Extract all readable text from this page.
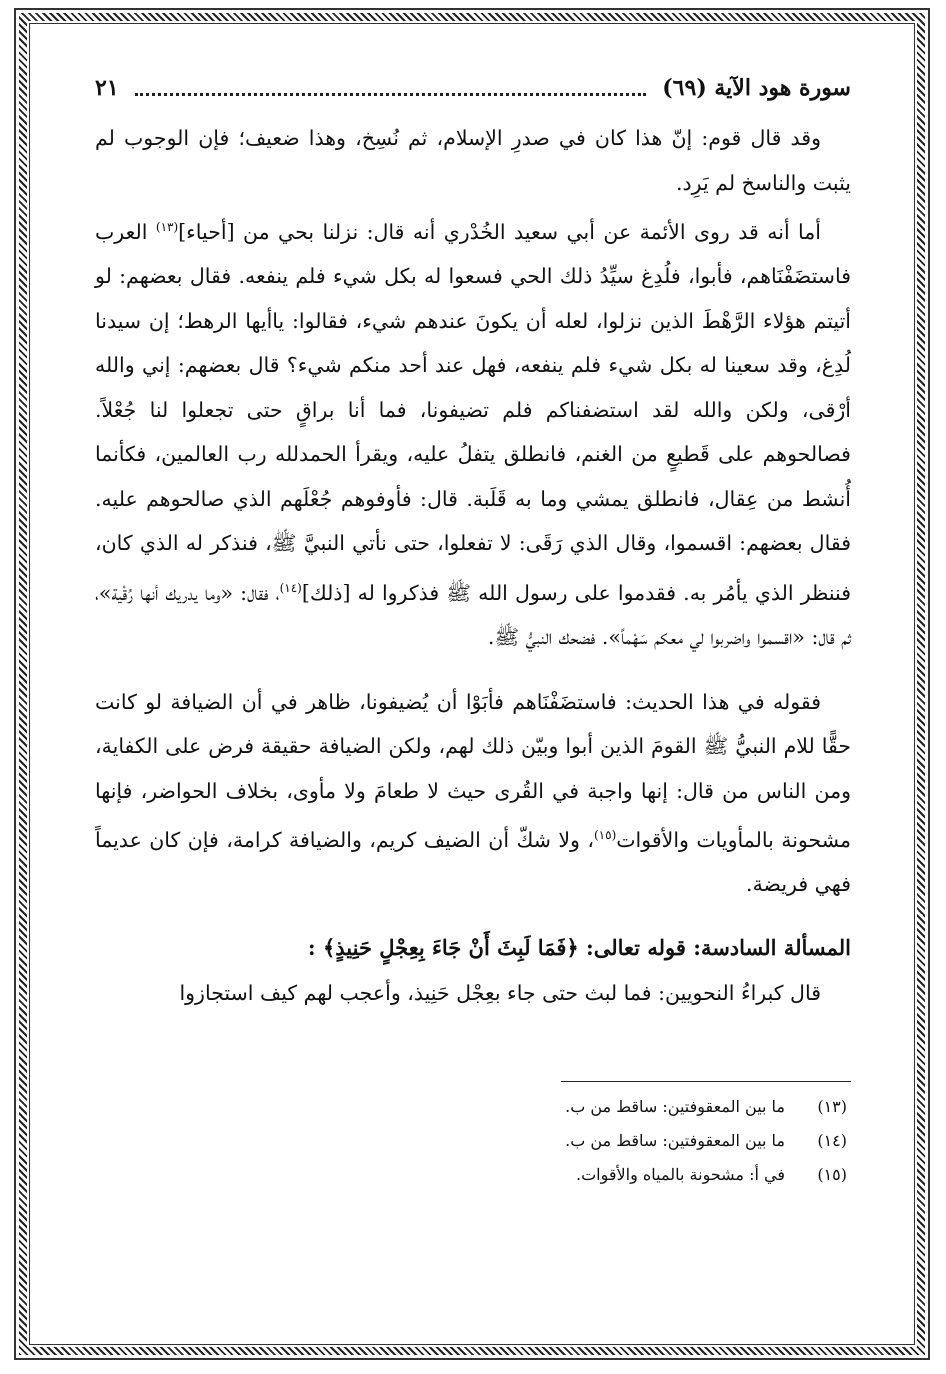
سورة هود الآية (٦٩)
٢١

وقد قال قوم: إنّ هذا كان في صدرِ الإسلام، ثم نُسِخ، وهذا ضعيف؛ فإن الوجوب لم يثبت والناسخ لم يَرِد.

أما أنه قد روى الأئمة عن أبي سعيد الخُدْري أنه قال: نزلنا بحي من [أحياء]$^{(١٣)}$ العرب فاستضَفْنَاهم، فأبوا، فلُدِغ سيِّدُ ذلك الحي فسعوا له بكل شيء فلم ينفعه. فقال بعضهم: لو أتيتم هؤلاء الرَّهْطَ الذين نزلوا، لعله أن يكونَ عندهم شيء، فقالوا: ياأيها الرهط؛ إن سيدنا لُدِغ، وقد سعينا له بكل شيء فلم ينفعه، فهل عند أحد منكم شيء؟ قال بعضهم: إني والله أرْقى، ولكن والله لقد استضفناكم فلم تضيفونا، فما أنا براقٍ حتى تجعلوا لنا جُعْلاً. فصالحوهم على قَطيعٍ من الغنم، فانطلق يتفلُ عليه، ويقرأ الحمدلله رب العالمين، فكأنما أُنشط من عِقال، فانطلق يمشي وما به قَلَبة. قال: فأوفوهم جُعْلَهم الذي صالحوهم عليه. فقال بعضهم: اقسموا، وقال الذي رَقَى: لا تفعلوا، حتى نأتي النبيَّ ﷺ، فنذكر له الذي كان، فننظر الذي يأمُر به. فقدموا على رسول الله ﷺ فذكروا له [ذلك]$^{(١٤)}$، فقال: «وما يدريك أنها رُقْية»، ثم قال: «اقسموا واضربوا لي معكم سَهْماً». فضحك النبيُّ ﷺ.

فقوله في هذا الحديث: فاستضَفْنَاهم فأبَوْا أن يُضيفونا، ظاهر في أن الضيافة لو كانت حقًّا للام النبيُّ ﷺ القومَ الذين أبوا وبيّن ذلك لهم، ولكن الضيافة حقيقة فرض على الكفاية، ومن الناس من قال: إنها واجبة في القُرى حيث لا طعامَ ولا مأوى، بخلاف الحواضر، فإنها مشحونة بالمأويات والأقوات$^{(١٥)}$، ولا شكّ أن الضيف كريم، والضيافة كرامة، فإن كان عديماً فهي فريضة.

المسألة السادسة: قوله تعالى: ﴿فَمَا لَبِثَ أَنْ جَاءَ بِعِجْلٍ حَنِيذٍ﴾ :

قال كبراءُ النحويين: فما لبث حتى جاء بعِجْل حَنِيذ، وأعجب لهم كيف استجازوا

(١٣)
ما بين المعقوفتين: ساقط من ب.
(١٤)
ما بين المعقوفتين: ساقط من ب.
(١٥)
في أ: مشحونة بالمياه والأقوات.
